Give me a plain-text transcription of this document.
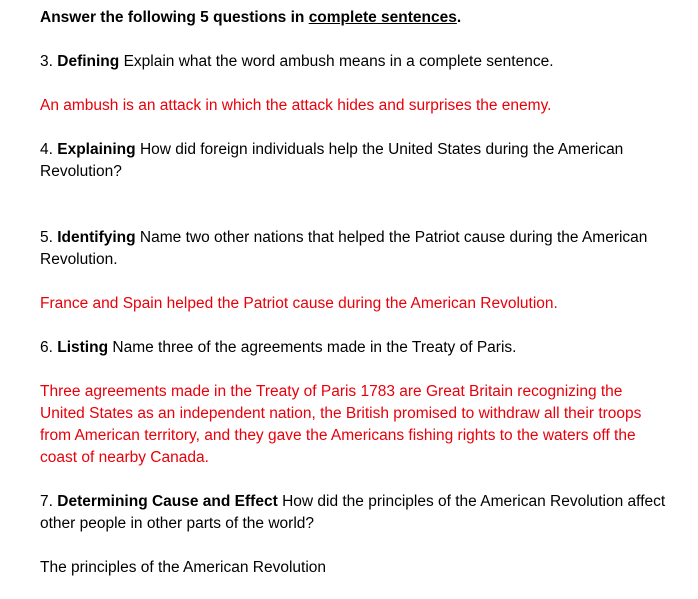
Answer the following 5 questions in complete sentences.

3. Defining Explain what the word ambush means in a complete sentence.

An ambush is an attack in which the attack hides and surprises the enemy.

4. Explaining How did foreign individuals help the United States during the American Revolution?

5. Identifying Name two other nations that helped the Patriot cause during the American Revolution.

France and Spain helped the Patriot cause during the American Revolution.

6. Listing Name three of the agreements made in the Treaty of Paris.

Three agreements made in the Treaty of Paris 1783 are Great Britain recognizing the United States as an independent nation, the British promised to withdraw all their troops from American territory, and they gave the Americans fishing rights to the waters off the coast of nearby Canada.

7. Determining Cause and Effect How did the principles of the American Revolution affect other people in other parts of the world?

The principles of the American Revolution
